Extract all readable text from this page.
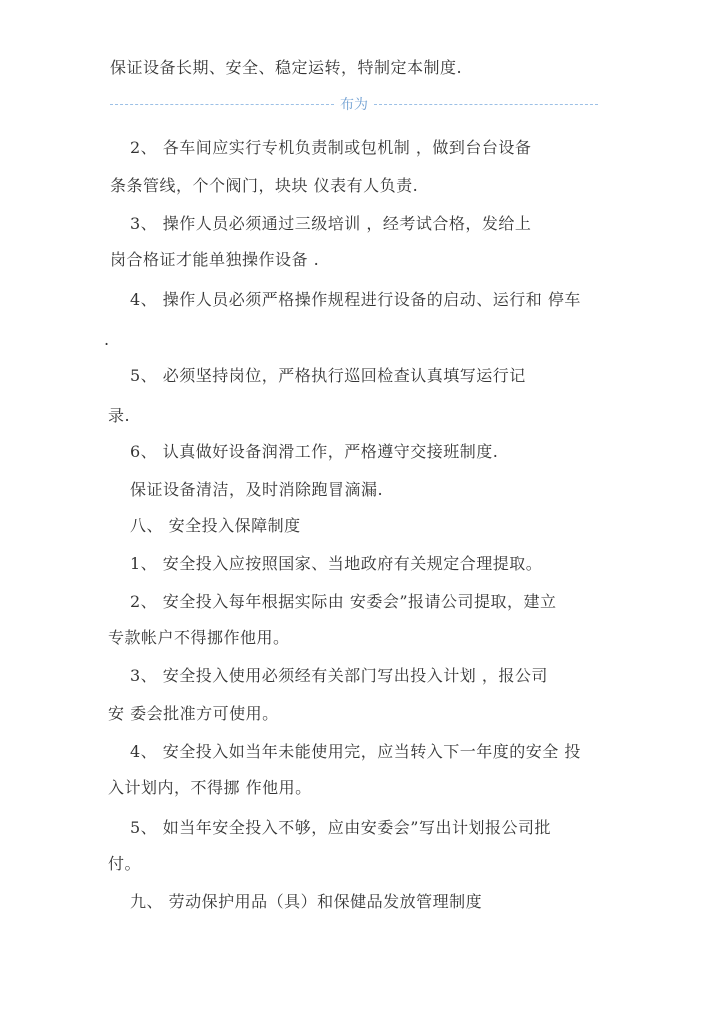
保证设备长期、安全、稳定运转，特制定本制度.
布为
2、 各车间应实行专机负责制或包机制 ，做到台台设备
条条管线，个个阀门，块块 仪表有人负责.
3、 操作人员必须通过三级培训 ，经考试合格，发给上
岗合格证才能单独操作设备 .
4、 操作人员必须严格操作规程进行设备的启动、运行和 停车
.
5、 必须坚持岗位，严格执行巡回检查认真填写运行记
录.
6、 认真做好设备润滑工作，严格遵守交接班制度.
保证设备清洁，及时消除跑冒滴漏.
八、 安全投入保障制度
1、 安全投入应按照国家、当地政府有关规定合理提取。
2、 安全投入每年根据实际由 安委会”报请公司提取，建立
专款帐户不得挪作他用。
3、 安全投入使用必须经有关部门写出投入计划 ，报公司
安 委会批准方可使用。
4、 安全投入如当年未能使用完，应当转入下一年度的安全 投
入计划内，不得挪 作他用。
5、 如当年安全投入不够，应由安委会”写出计划报公司批
付。
九、 劳动保护用品（具）和保健品发放管理制度
